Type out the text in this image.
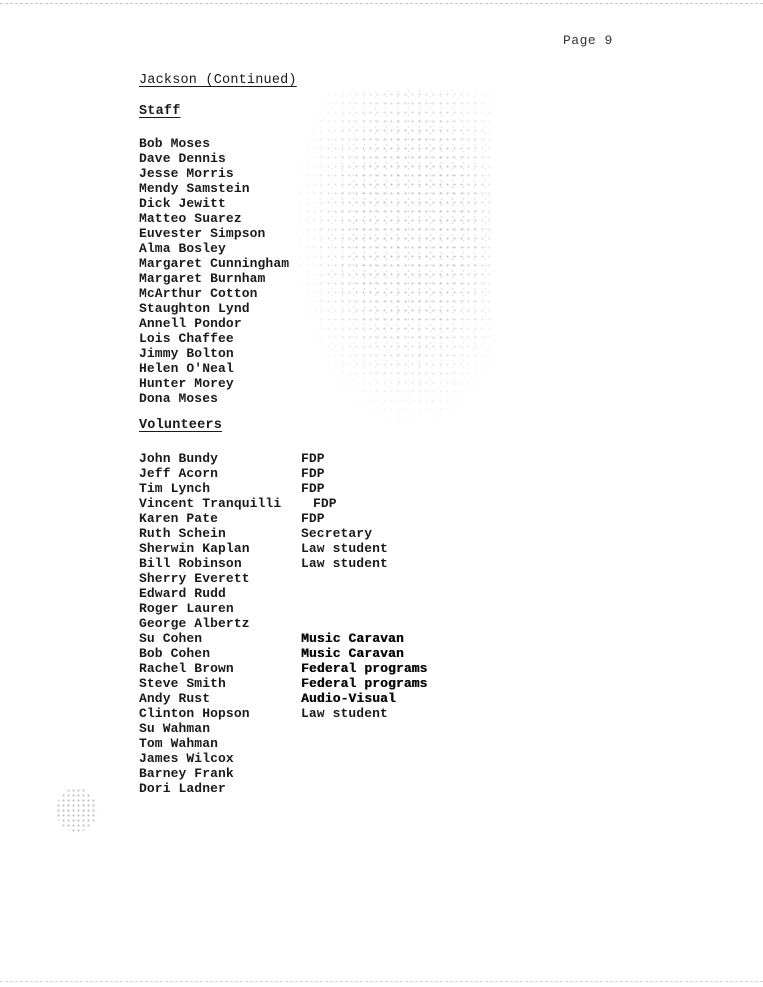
Page 9
Jackson (Continued)
Staff
Bob Moses
Dave Dennis
Jesse Morris
Mendy Samstein
Dick Jewitt
Matteo Suarez
Euvester Simpson
Alma Bosley
Margaret Cunningham
Margaret Burnham
McArthur Cotton
Staughton Lynd
Annell Pondor
Lois Chaffee
Jimmy Bolton
Helen O'Neal
Hunter Morey
Dona Moses
Volunteers
John Bundy	FDP
Jeff Acorn	FDP
Tim Lynch	FDP
Vincent Tranquilli FDP
Karen Pate	FDP
Ruth Schein	Secretary
Sherwin Kaplan	Law student
Bill Robinson	Law student
Sherry Everett
Edward Rudd
Roger Lauren
George Albertz
Su Cohen	Music Caravan
Bob Cohen	Music Caravan
Rachel Brown	Federal programs
Steve Smith	Federal programs
Andy Rust	Audio-Visual
Clinton Hopson	Law student
Su Wahman
Tom Wahman
James Wilcox
Barney Frank
Dori Ladner
